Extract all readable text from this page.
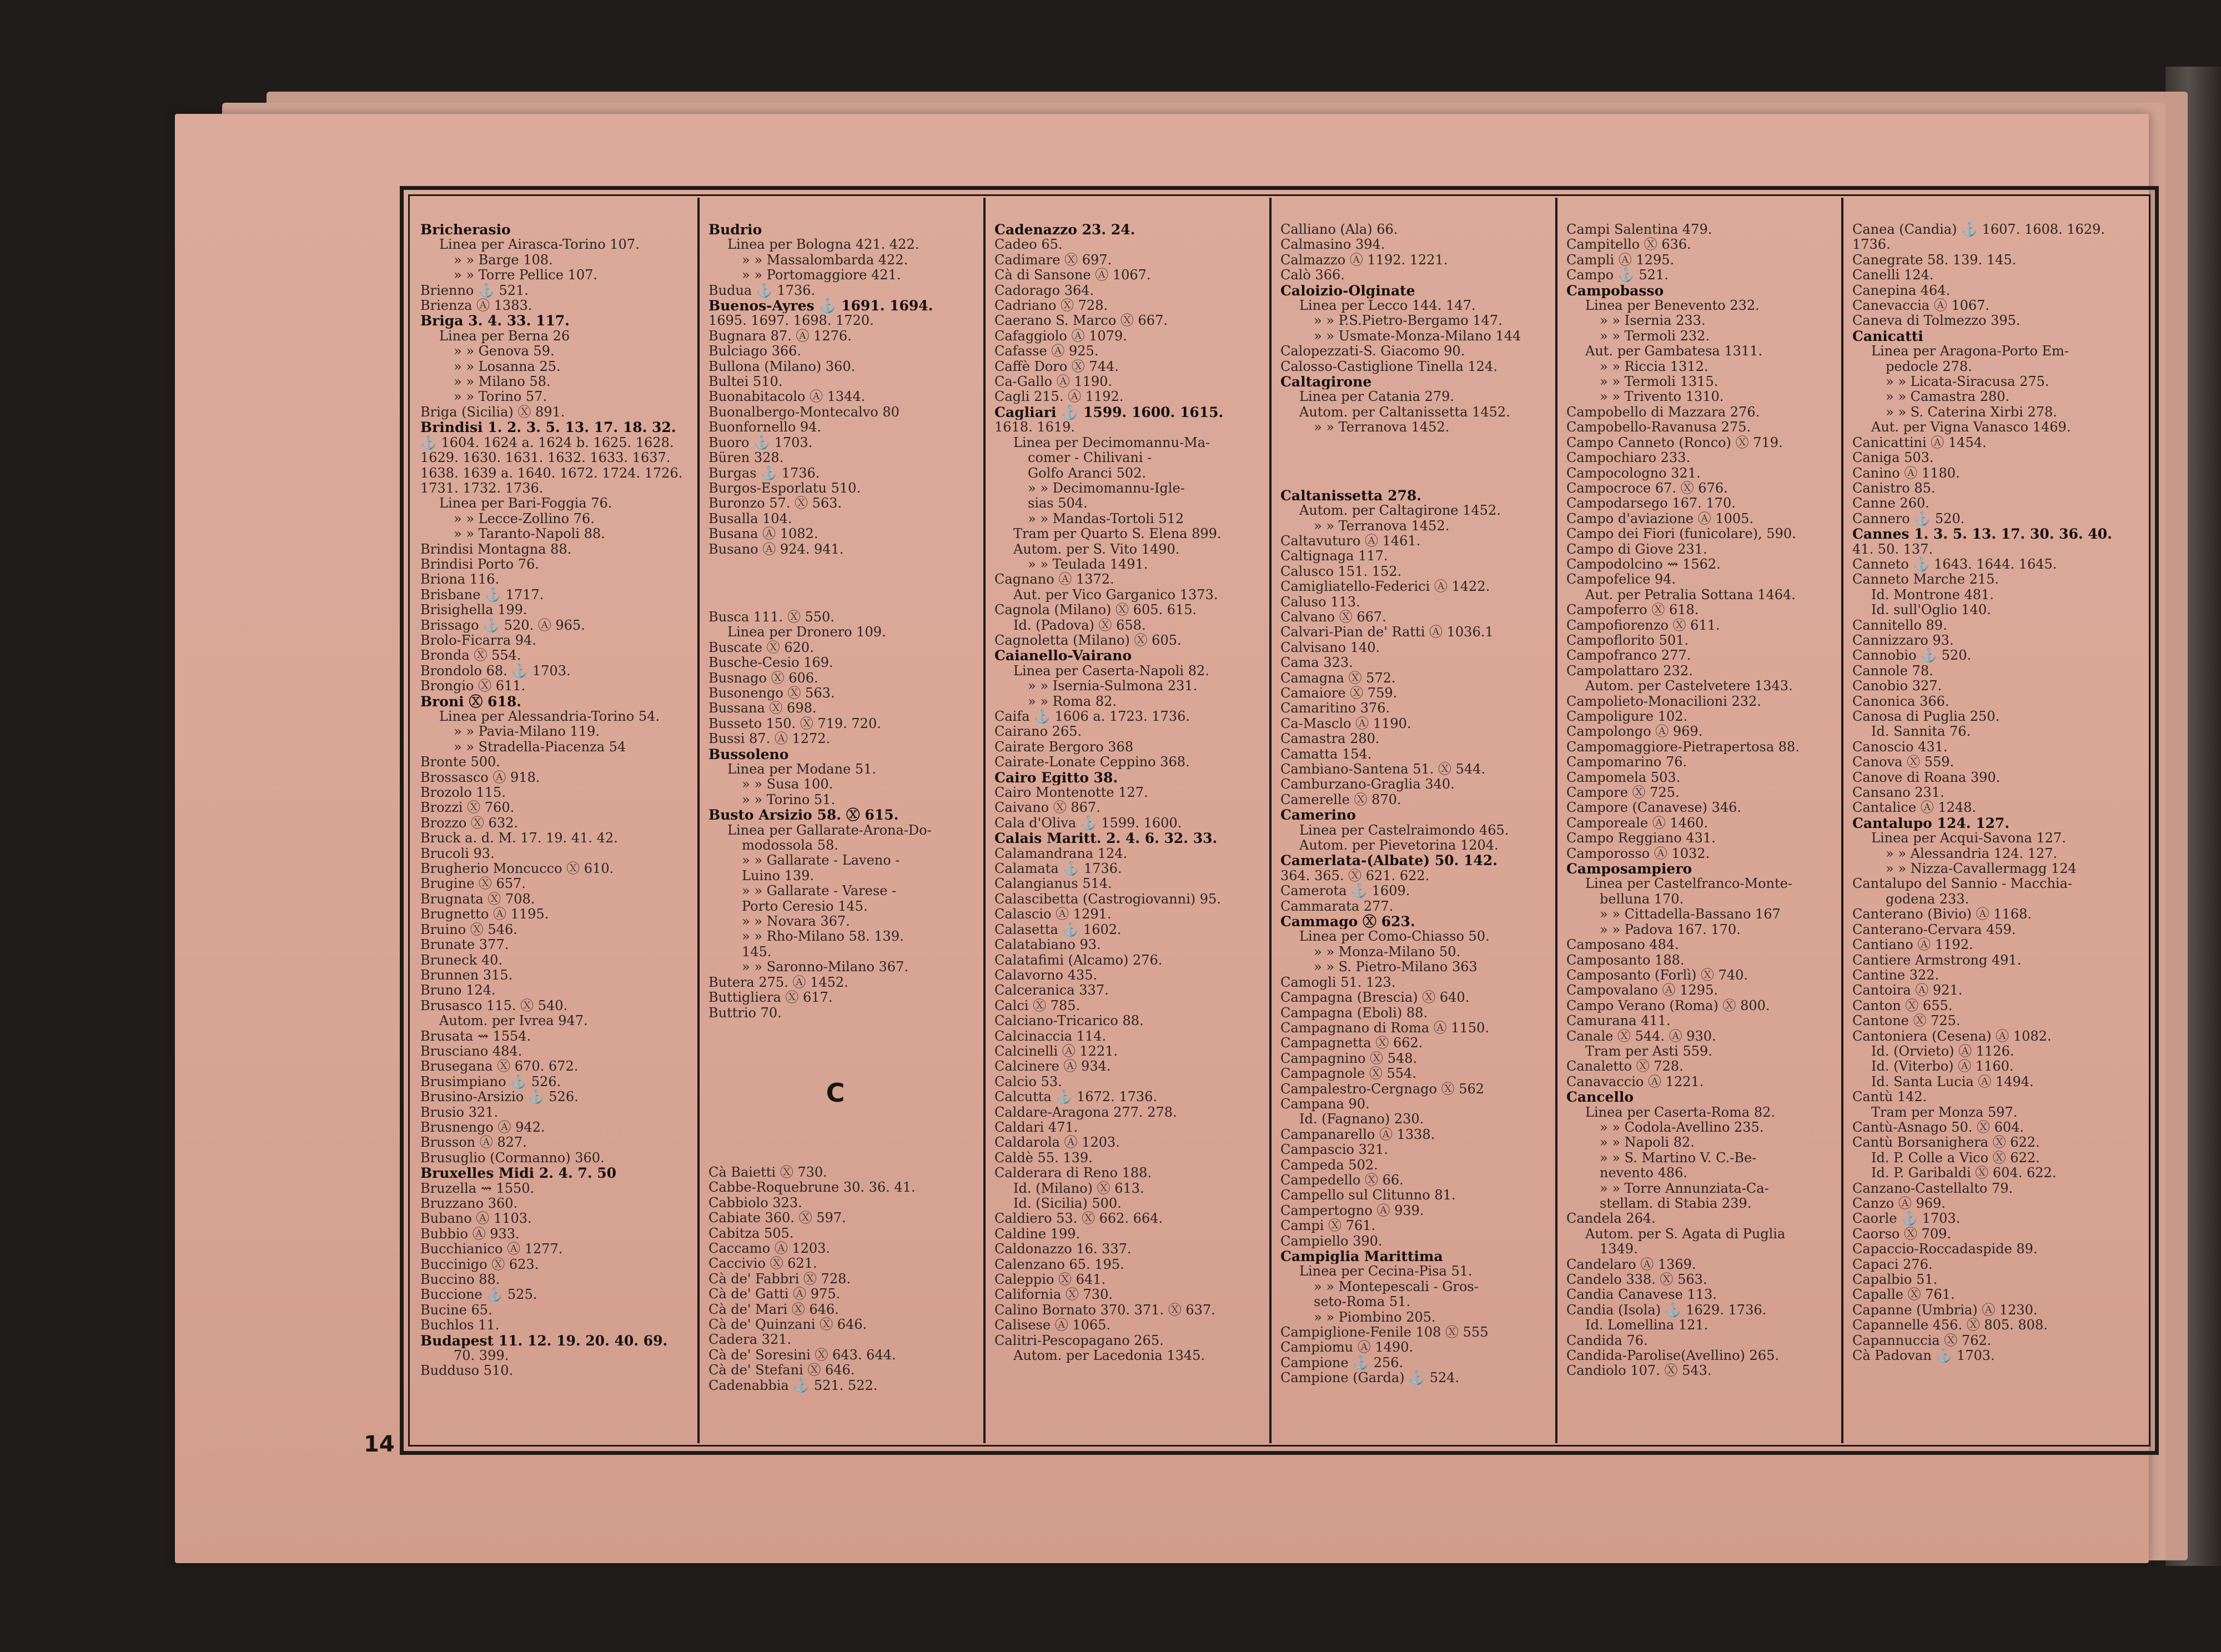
14
Bricherasio
Linea per Airasca-Torino 107.
» » Barge 108.
» » Torre Pellice 107.
Brienno ⚓ 521.
Brienza Ⓐ 1383.
Briga 3. 4. 33. 117.
Linea per Berna 26
» » Genova 59.
» » Losanna 25.
» » Milano 58.
» » Torino 57.
Briga (Sicilia) Ⓧ 891.
Brindisi 1. 2. 3. 5. 13. 17. 18. 32.
⚓ 1604. 1624 a. 1624 b. 1625. 1628.
1629. 1630. 1631. 1632. 1633. 1637.
1638. 1639 a. 1640. 1672. 1724. 1726.
1731. 1732. 1736.
Linea per Bari-Foggia 76.
» » Lecce-Zollino 76.
» » Taranto-Napoli 88.
Brindisi Montagna 88.
Brindisi Porto 76.
Briona 116.
Brisbane ⚓ 1717.
Brisighella 199.
Brissago ⚓ 520. Ⓐ 965.
Brolo-Ficarra 94.
Bronda Ⓧ 554.
Brondolo 68. ⚓ 1703.
Brongio Ⓧ 611.
Broni Ⓧ 618.
Linea per Alessandria-Torino 54.
» » Pavia-Milano 119.
» » Stradella-Piacenza 54
Bronte 500.
Brossasco Ⓐ 918.
Brozolo 115.
Brozzi Ⓧ 760.
Brozzo Ⓧ 632.
Bruck a. d. M. 17. 19. 41. 42.
Brucoli 93.
Brugherio Moncucco Ⓧ 610.
Brugine Ⓧ 657.
Brugnata Ⓧ 708.
Brugnetto Ⓐ 1195.
Bruino Ⓧ 546.
Brunate 377.
Bruneck 40.
Brunnen 315.
Bruno 124.
Brusasco 115. Ⓧ 540.
Autom. per Ivrea 947.
Brusata ⇝ 1554.
Brusciano 484.
Brusegana Ⓧ 670. 672.
Brusimpiano ⚓ 526.
Brusino-Arsizio ⚓ 526.
Brusio 321.
Brusnengo Ⓐ 942.
Brusson Ⓐ 827.
Brusuglio (Cormanno) 360.
Bruxelles Midi 2. 4. 7. 50
Bruzella ⇝ 1550.
Bruzzano 360.
Bubano Ⓐ 1103.
Bubbio Ⓐ 933.
Bucchianico Ⓐ 1277.
Buccinigo Ⓧ 623.
Buccino 88.
Buccione ⚓ 525.
Bucine 65.
Buchlos 11.
Budapest 11. 12. 19. 20. 40. 69.
70. 399.
Budduso 510.
Budrio
Linea per Bologna 421. 422.
» » Massalombarda 422.
» » Portomaggiore 421.
Budua ⚓ 1736.
Buenos-Ayres ⚓ 1691. 1694.
1695. 1697. 1698. 1720.
Bugnara 87. Ⓐ 1276.
Bulciago 366.
Bullona (Milano) 360.
Bultei 510.
Buonabitacolo Ⓐ 1344.
Buonalbergo-Montecalvo 80
Buonfornello 94.
Buoro ⚓ 1703.
Büren 328.
Burgas ⚓ 1736.
Burgos-Esporlatu 510.
Buronzo 57. Ⓧ 563.
Busalla 104.
Busana Ⓐ 1082.
Busano Ⓐ 924. 941.
Busca 111. Ⓧ 550.
Linea per Dronero 109.
Buscate Ⓧ 620.
Busche-Cesio 169.
Busnago Ⓧ 606.
Busonengo Ⓧ 563.
Bussana Ⓧ 698.
Busseto 150. Ⓧ 719. 720.
Bussi 87. Ⓐ 1272.
Bussoleno
Linea per Modane 51.
» » Susa 100.
» » Torino 51.
Busto Arsizio 58. Ⓧ 615.
Linea per Gallarate-Arona-Do-
modossola 58.
» » Gallarate - Laveno -
Luino 139.
» » Gallarate - Varese -
Porto Ceresio 145.
» » Novara 367.
» » Rho-Milano 58. 139.
145.
» » Saronno-Milano 367.
Butera 275. Ⓐ 1452.
Buttigliera Ⓧ 617.
Buttrio 70.
C
Cà Baietti Ⓧ 730.
Cabbe-Roquebrune 30. 36. 41.
Cabbiolo 323.
Cabiate 360. Ⓧ 597.
Cabitza 505.
Caccamo Ⓐ 1203.
Caccivio Ⓧ 621.
Cà de' Fabbri Ⓧ 728.
Cà de' Gatti Ⓐ 975.
Cà de' Mari Ⓧ 646.
Cà de' Quinzani Ⓧ 646.
Cadera 321.
Cà de' Soresini Ⓧ 643. 644.
Cà de' Stefani Ⓧ 646.
Cadenabbia ⚓ 521. 522.
Cadenazzo 23. 24.
Cadeo 65.
Cadimare Ⓧ 697.
Cà di Sansone Ⓐ 1067.
Cadorago 364.
Cadriano Ⓧ 728.
Caerano S. Marco Ⓧ 667.
Cafaggiolo Ⓐ 1079.
Cafasse Ⓐ 925.
Caffè Doro Ⓧ 744.
Ca-Gallo Ⓐ 1190.
Cagli 215. Ⓐ 1192.
Cagliari ⚓ 1599. 1600. 1615.
1618. 1619.
Linea per Decimomannu-Ma-
comer - Chilivani -
Golfo Aranci 502.
» » Decimomannu-Igle-
sias 504.
» » Mandas-Tortoli 512
Tram per Quarto S. Elena 899.
Autom. per S. Vito 1490.
» » Teulada 1491.
Cagnano Ⓐ 1372.
Aut. per Vico Garganico 1373.
Cagnola (Milano) Ⓧ 605. 615.
Id. (Padova) Ⓧ 658.
Cagnoletta (Milano) Ⓧ 605.
Caianello-Vairano
Linea per Caserta-Napoli 82.
» » Isernia-Sulmona 231.
» » Roma 82.
Caifa ⚓ 1606 a. 1723. 1736.
Cairano 265.
Cairate Bergoro 368
Cairate-Lonate Ceppino 368.
Cairo Egitto 38.
Cairo Montenotte 127.
Caivano Ⓧ 867.
Cala d'Oliva ⚓ 1599. 1600.
Calais Maritt. 2. 4. 6. 32. 33.
Calamandrana 124.
Calamata ⚓ 1736.
Calangianus 514.
Calascibetta (Castrogiovanni) 95.
Calascio Ⓐ 1291.
Calasetta ⚓ 1602.
Calatabiano 93.
Calatafimi (Alcamo) 276.
Calavorno 435.
Calceranica 337.
Calci Ⓧ 785.
Calciano-Tricarico 88.
Calcinaccia 114.
Calcinelli Ⓐ 1221.
Calcinere Ⓐ 934.
Calcio 53.
Calcutta ⚓ 1672. 1736.
Caldare-Aragona 277. 278.
Caldari 471.
Caldarola Ⓐ 1203.
Caldè 55. 139.
Calderara di Reno 188.
Id. (Milano) Ⓧ 613.
Id. (Sicilia) 500.
Caldiero 53. Ⓧ 662. 664.
Caldine 199.
Caldonazzo 16. 337.
Calenzano 65. 195.
Caleppio Ⓧ 641.
California Ⓧ 730.
Calino Bornato 370. 371. Ⓧ 637.
Calisese Ⓐ 1065.
Calitri-Pescopagano 265.
Autom. per Lacedonia 1345.
Calliano (Ala) 66.
Calmasino 394.
Calmazzo Ⓐ 1192. 1221.
Calò 366.
Caloizio-Olginate
Linea per Lecco 144. 147.
» » P.S.Pietro-Bergamo 147.
» » Usmate-Monza-Milano 144
Calopezzati-S. Giacomo 90.
Calosso-Castiglione Tinella 124.
Caltagirone
Linea per Catania 279.
Autom. per Caltanissetta 1452.
» » Terranova 1452.
Caltanissetta 278.
Autom. per Caltagirone 1452.
» » Terranova 1452.
Caltavuturo Ⓐ 1461.
Caltignaga 117.
Calusco 151. 152.
Camigliatello-Federici Ⓐ 1422.
Caluso 113.
Calvano Ⓧ 667.
Calvari-Pian de' Ratti Ⓐ 1036.1
Calvisano 140.
Cama 323.
Camagna Ⓧ 572.
Camaiore Ⓧ 759.
Camaritino 376.
Ca-Masclo Ⓐ 1190.
Camastra 280.
Camatta 154.
Cambiano-Santena 51. Ⓧ 544.
Camburzano-Graglia 340.
Camerelle Ⓧ 870.
Camerino
Linea per Castelraimondo 465.
Autom. per Pievetorina 1204.
Camerlata-(Albate) 50. 142.
364. 365. Ⓧ 621. 622.
Camerota ⚓ 1609.
Cammarata 277.
Cammago Ⓧ 623.
Linea per Como-Chiasso 50.
» » Monza-Milano 50.
» » S. Pietro-Milano 363
Camogli 51. 123.
Campagna (Brescia) Ⓧ 640.
Campagna (Eboli) 88.
Campagnano di Roma Ⓐ 1150.
Campagnetta Ⓧ 662.
Campagnino Ⓧ 548.
Campagnole Ⓧ 554.
Campalestro-Cergnago Ⓧ 562
Campana 90.
Id. (Fagnano) 230.
Campanarello Ⓐ 1338.
Campascio 321.
Campeda 502.
Campedello Ⓧ 66.
Campello sul Clitunno 81.
Campertogno Ⓐ 939.
Campi Ⓧ 761.
Campiello 390.
Campiglia Marittima
Linea per Cecina-Pisa 51.
» » Montepescali - Gros-
seto-Roma 51.
» » Piombino 205.
Campiglione-Fenile 108 Ⓧ 555
Campiomu Ⓐ 1490.
Campione ⚓ 256.
Campione (Garda) ⚓ 524.
Campi Salentina 479.
Campitello Ⓧ 636.
Campli Ⓐ 1295.
Campo ⚓ 521.
Campobasso
Linea per Benevento 232.
» » Isernia 233.
» » Termoli 232.
Aut. per Gambatesa 1311.
» » Riccia 1312.
» » Termoli 1315.
» » Trivento 1310.
Campobello di Mazzara 276.
Campobello-Ravanusa 275.
Campo Canneto (Ronco) Ⓧ 719.
Campochiaro 233.
Campocologno 321.
Campocroce 67. Ⓧ 676.
Campodarsego 167. 170.
Campo d'aviazione Ⓐ 1005.
Campo dei Fiori (funicolare), 590.
Campo di Giove 231.
Campodolcino ⇝ 1562.
Campofelice 94.
Aut. per Petralia Sottana 1464.
Campoferro Ⓧ 618.
Campofiorenzo Ⓧ 611.
Campoflorito 501.
Campofranco 277.
Campolattaro 232.
Autom. per Castelvetere 1343.
Campolieto-Monacilioni 232.
Campoligure 102.
Campolongo Ⓐ 969.
Campomaggiore-Pietrapertosa 88.
Campomarino 76.
Campomela 503.
Campore Ⓧ 725.
Campore (Canavese) 346.
Camporeale Ⓐ 1460.
Campo Reggiano 431.
Camporosso Ⓐ 1032.
Camposampiero
Linea per Castelfranco-Monte-
belluna 170.
» » Cittadella-Bassano 167
» » Padova 167. 170.
Camposano 484.
Camposanto 188.
Camposanto (Forlì) Ⓧ 740.
Campovalano Ⓐ 1295.
Campo Verano (Roma) Ⓧ 800.
Camurana 411.
Canale Ⓧ 544. Ⓐ 930.
Tram per Asti 559.
Canaletto Ⓧ 728.
Canavaccio Ⓐ 1221.
Cancello
Linea per Caserta-Roma 82.
» » Codola-Avellino 235.
» » Napoli 82.
» » S. Martino V. C.-Be-
nevento 486.
» » Torre Annunziata-Ca-
stellam. di Stabia 239.
Candela 264.
Autom. per S. Agata di Puglia
1349.
Candelaro Ⓐ 1369.
Candelo 338. Ⓧ 563.
Candia Canavese 113.
Candia (Isola) ⚓ 1629. 1736.
Id. Lomellina 121.
Candida 76.
Candida-Parolise(Avellino) 265.
Candiolo 107. Ⓧ 543.
Canea (Candia) ⚓ 1607. 1608. 1629.
1736.
Canegrate 58. 139. 145.
Canelli 124.
Canepina 464.
Canevaccia Ⓐ 1067.
Caneva di Tolmezzo 395.
Canicatti
Linea per Aragona-Porto Em-
pedocle 278.
» » Licata-Siracusa 275.
» » Camastra 280.
» » S. Caterina Xirbi 278.
Aut. per Vigna Vanasco 1469.
Canicattini Ⓐ 1454.
Caniga 503.
Canino Ⓐ 1180.
Canistro 85.
Canne 260.
Cannero ⚓ 520.
Cannes 1. 3. 5. 13. 17. 30. 36. 40.
41. 50. 137.
Canneto ⚓ 1643. 1644. 1645.
Canneto Marche 215.
Id. Montrone 481.
Id. sull'Oglio 140.
Cannitello 89.
Cannizzaro 93.
Cannobio ⚓ 520.
Cannole 78.
Canobio 327.
Canonica 366.
Canosa di Puglia 250.
Id. Sannita 76.
Canoscio 431.
Canova Ⓧ 559.
Canove di Roana 390.
Cansano 231.
Cantalice Ⓐ 1248.
Cantalupo 124. 127.
Linea per Acqui-Savona 127.
» » Alessandria 124. 127.
» » Nizza-Cavallermagg 124
Cantalupo del Sannio - Macchia-
godena 233.
Canterano (Bivio) Ⓐ 1168.
Canterano-Cervara 459.
Cantiano Ⓐ 1192.
Cantiere Armstrong 491.
Cantine 322.
Cantoira Ⓐ 921.
Canton Ⓧ 655.
Cantone Ⓧ 725.
Cantoniera (Cesena) Ⓐ 1082.
Id. (Orvieto) Ⓐ 1126.
Id. (Viterbo) Ⓐ 1160.
Id. Santa Lucia Ⓐ 1494.
Cantù 142.
Tram per Monza 597.
Cantù-Asnago 50. Ⓧ 604.
Cantù Borsanighera Ⓧ 622.
Id. P. Colle a Vico Ⓧ 622.
Id. P. Garibaldi Ⓧ 604. 622.
Canzano-Castellalto 79.
Canzo Ⓐ 969.
Caorle ⚓ 1703.
Caorso Ⓧ 709.
Capaccio-Roccadaspide 89.
Capaci 276.
Capalbio 51.
Capalle Ⓧ 761.
Capanne (Umbria) Ⓐ 1230.
Capannelle 456. Ⓧ 805. 808.
Capannuccia Ⓧ 762.
Cà Padovan ⚓ 1703.
